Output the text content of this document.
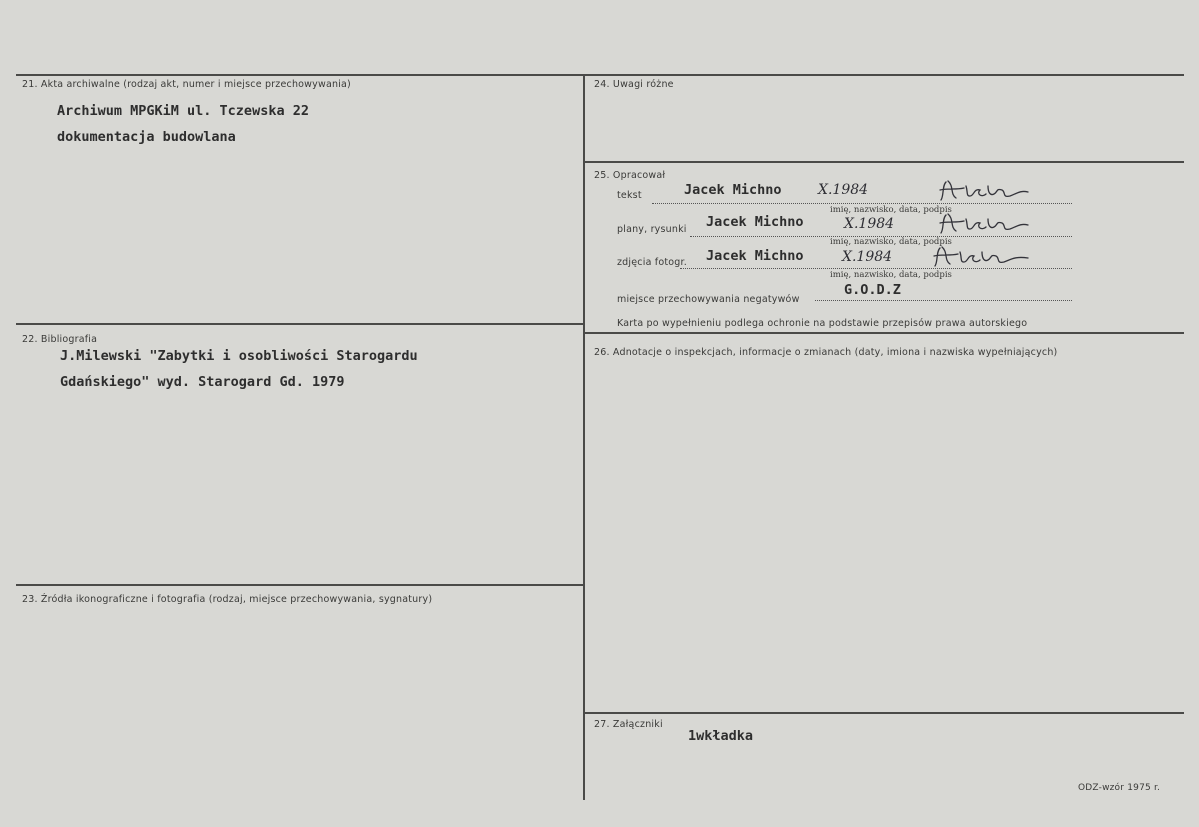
21. Akta archiwalne (rodzaj akt, numer i miejsce przechowywania)
Archiwum MPGKiM ul. Tczewska 22
dokumentacja budowlana
22. Bibliografia
J.Milewski "Zabytki i osobliwości Starogardu
Gdańskiego" wyd. Starogard Gd. 1979
23. Źródła ikonograficzne i fotografia (rodzaj, miejsce przechowywania, sygnatury)
24. Uwagi różne
25. Opracował
tekst	Jacek Michno	X.1984
imię, nazwisko, data, podpis
plany, rysunki Jacek Michno	X.1984
imię, nazwisko, data, podpis
zdjęcia fotogr. Jacek Michno	X.1984
imię, nazwisko, data, podpis
miejsce przechowywania negatywów
G.O.D.Z
Karta po wypełnieniu podlega ochronie na podstawie przepisów prawa autorskiego
26. Adnotacje o inspekcjach, informacje o zmianach (daty, imiona i nazwiska wypełniających)
27. Załączniki
1wkładka
ODZ-wzór 1975 r.
